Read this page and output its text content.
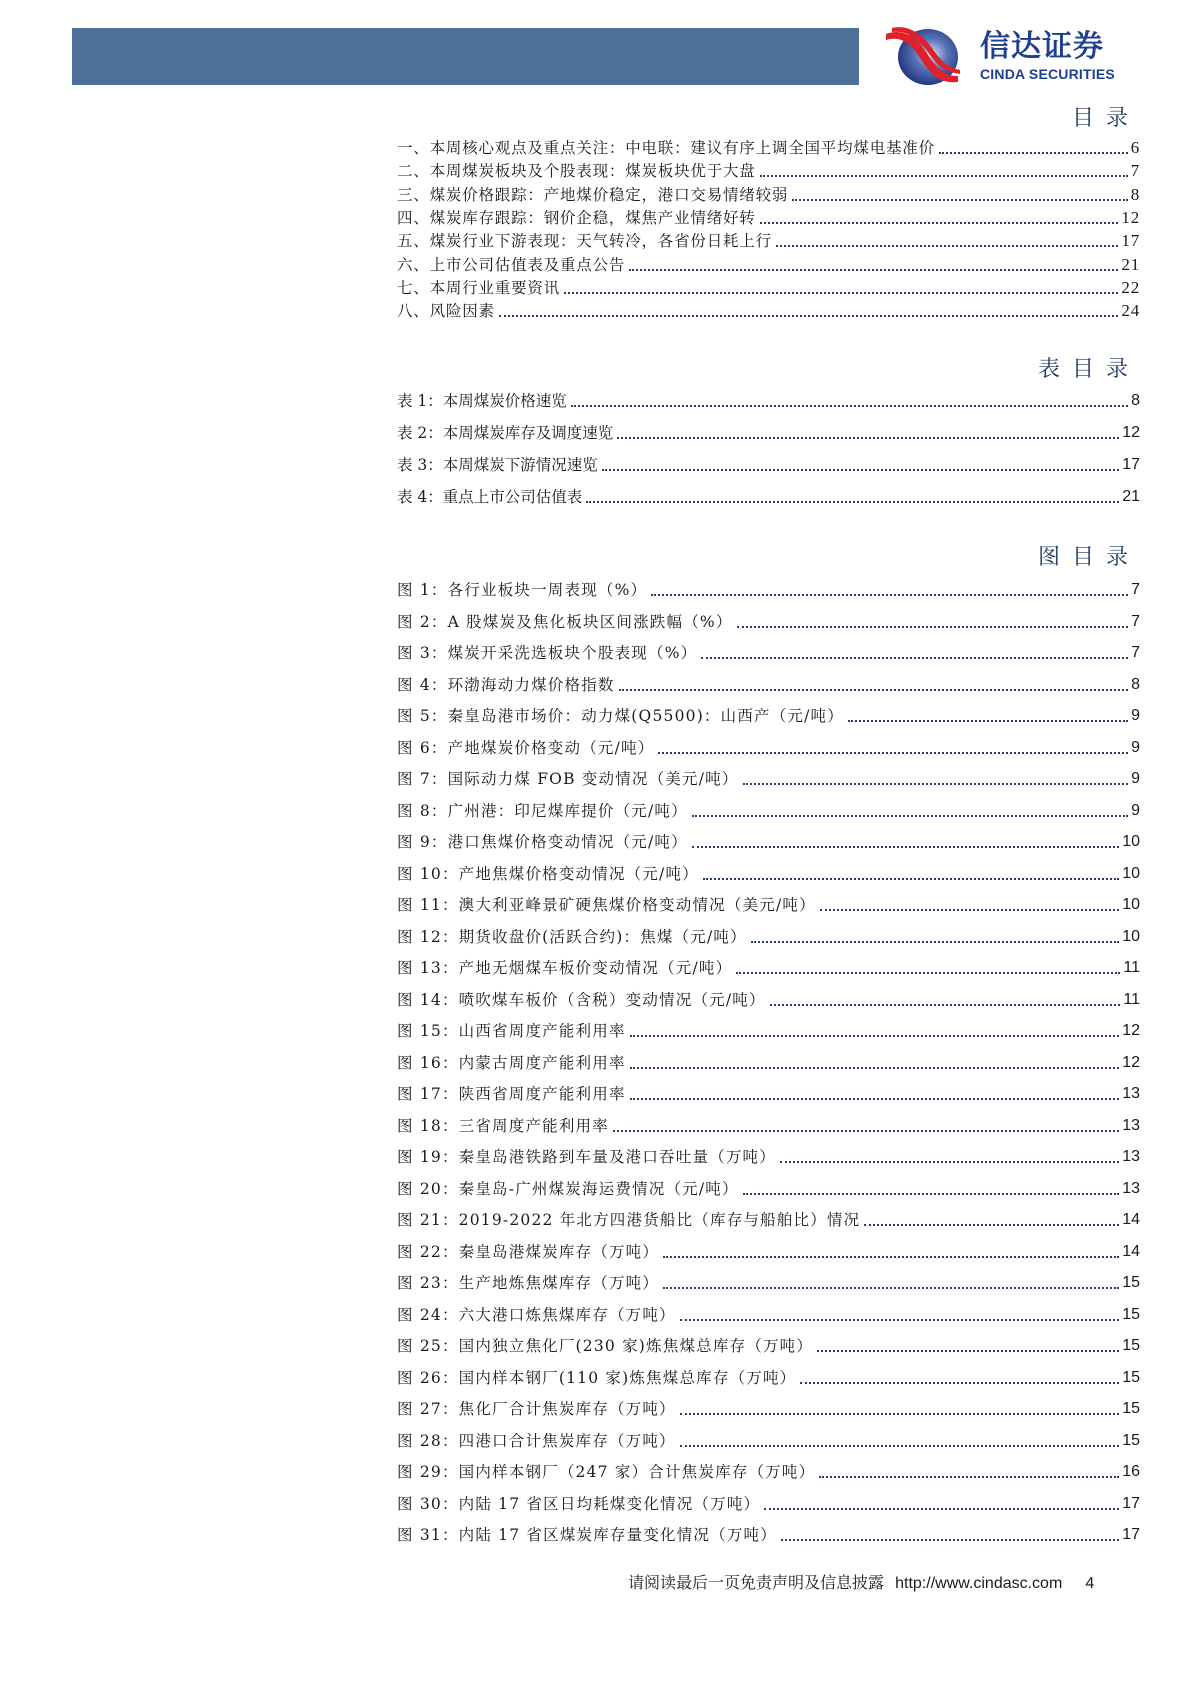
信达证券
CINDA SECURITIES
目录
一、本周核心观点及重点关注：中电联：建议有序上调全国平均煤电基准价	6
二、本周煤炭板块及个股表现：煤炭板块优于大盘	7
三、煤炭价格跟踪：产地煤价稳定，港口交易情绪较弱	8
四、煤炭库存跟踪：钢价企稳，煤焦产业情绪好转	12
五、煤炭行业下游表现：天气转冷，各省份日耗上行	17
六、上市公司估值表及重点公告	21
七、本周行业重要资讯	22
八、风险因素	24
表目录
表 1：本周煤炭价格速览	8
表 2：本周煤炭库存及调度速览	12
表 3：本周煤炭下游情况速览	17
表 4：重点上市公司估值表	21
图目录
图 1：各行业板块一周表现（%）	7
图 2：A 股煤炭及焦化板块区间涨跌幅（%）	7
图 3：煤炭开采洗选板块个股表现（%）	7
图 4：环渤海动力煤价格指数	8
图 5：秦皇岛港市场价：动力煤(Q5500)：山西产（元/吨）	9
图 6：产地煤炭价格变动（元/吨）	9
图 7：国际动力煤 FOB 变动情况（美元/吨）	9
图 8：广州港：印尼煤库提价（元/吨）	9
图 9：港口焦煤价格变动情况（元/吨）	10
图 10：产地焦煤价格变动情况（元/吨）	10
图 11：澳大利亚峰景矿硬焦煤价格变动情况（美元/吨）	10
图 12：期货收盘价(活跃合约)：焦煤（元/吨）	10
图 13：产地无烟煤车板价变动情况（元/吨）	11
图 14：喷吹煤车板价（含税）变动情况（元/吨）	11
图 15：山西省周度产能利用率	12
图 16：内蒙古周度产能利用率	12
图 17：陕西省周度产能利用率	13
图 18：三省周度产能利用率	13
图 19：秦皇岛港铁路到车量及港口吞吐量（万吨）	13
图 20：秦皇岛-广州煤炭海运费情况（元/吨）	13
图 21：2019-2022 年北方四港货船比（库存与船舶比）情况	14
图 22：秦皇岛港煤炭库存（万吨）	14
图 23：生产地炼焦煤库存（万吨）	15
图 24：六大港口炼焦煤库存（万吨）	15
图 25：国内独立焦化厂(230 家)炼焦煤总库存（万吨）	15
图 26：国内样本钢厂(110 家)炼焦煤总库存（万吨）	15
图 27：焦化厂合计焦炭库存（万吨）	15
图 28：四港口合计焦炭库存（万吨）	15
图 29：国内样本钢厂（247 家）合计焦炭库存（万吨）	16
图 30：内陆 17 省区日均耗煤变化情况（万吨）	17
图 31：内陆 17 省区煤炭库存量变化情况（万吨）	17
请阅读最后一页免责声明及信息披露 http://www.cindasc.com 4
